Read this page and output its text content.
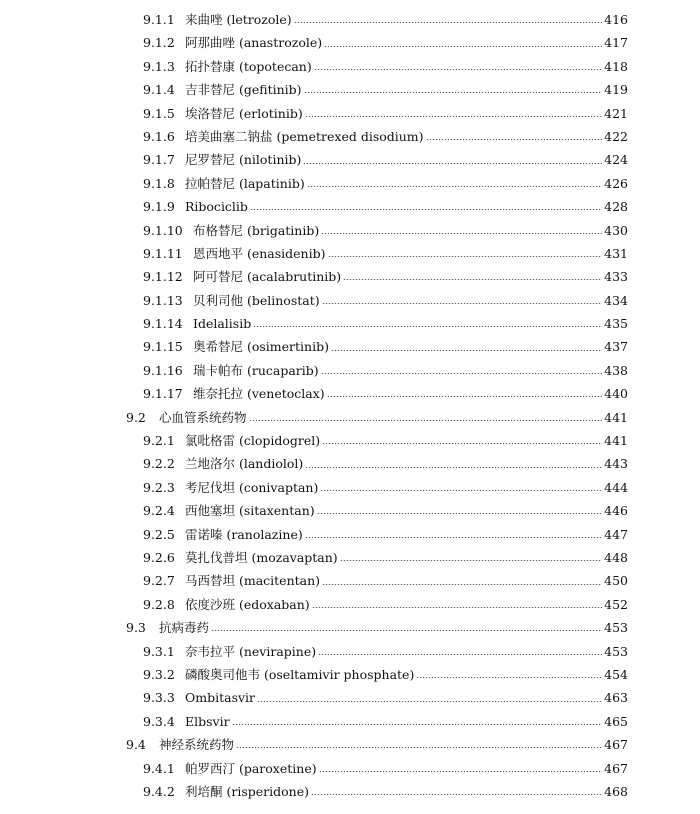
9.1.1 来曲唑 (letrozole)	416
9.1.2 阿那曲唑 (anastrozole)	417
9.1.3 拓扑替康 (topotecan)	418
9.1.4 吉非替尼 (gefitinib)	419
9.1.5 埃洛替尼 (erlotinib)	421
9.1.6 培美曲塞二钠盐 (pemetrexed disodium)	422
9.1.7 尼罗替尼 (nilotinib)	424
9.1.8 拉帕替尼 (lapatinib)	426
9.1.9 Ribociclib	428
9.1.10 布格替尼 (brigatinib)	430
9.1.11 恩西地平 (enasidenib)	431
9.1.12 阿可替尼 (acalabrutinib)	433
9.1.13 贝利司他 (belinostat)	434
9.1.14 Idelalisib	435
9.1.15 奥希替尼 (osimertinib)	437
9.1.16 瑞卡帕布 (rucaparib)	438
9.1.17 维奈托拉 (venetoclax)	440
9.2	心血管系统药物	441
9.2.1 氯吡格雷 (clopidogrel)	441
9.2.2 兰地洛尔 (landiolol)	443
9.2.3 考尼伐坦 (conivaptan)	444
9.2.4 西他塞坦 (sitaxentan)	446
9.2.5 雷诺嗪 (ranolazine)	447
9.2.6 莫扎伐普坦 (mozavaptan)	448
9.2.7 马西替坦 (macitentan)	450
9.2.8 依度沙班 (edoxaban)	452
9.3	抗病毒药	453
9.3.1 奈韦拉平 (nevirapine)	453
9.3.2 磷酸奥司他韦 (oseltamivir phosphate)	454
9.3.3 Ombitasvir	463
9.3.4 Elbsvir	465
9.4	神经系统药物	467
9.4.1 帕罗西汀 (paroxetine)	467
9.4.2 利培酮 (risperidone)	468
